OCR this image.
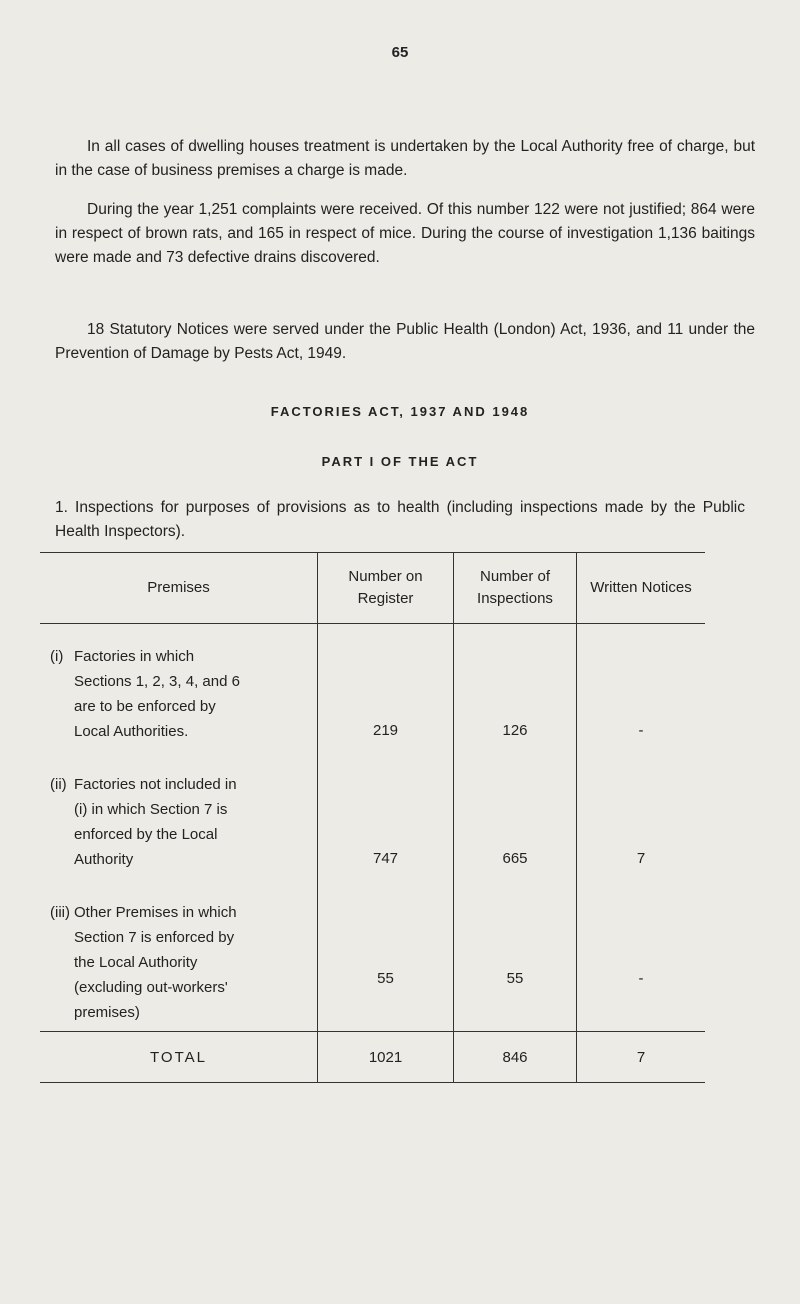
65

In all cases of dwelling houses treatment is undertaken by the Local Authority free of charge, but in the case of business premises a charge is made.

During the year 1,251 complaints were received. Of this number 122 were not justified; 864 were in respect of brown rats, and 165 in respect of mice. During the course of investigation 1,136 baitings were made and 73 defective drains discovered.

18 Statutory Notices were served under the Public Health (London) Act, 1936, and 11 under the Prevention of Damage by Pests Act, 1949.

FACTORIES ACT, 1937 AND 1948
PART I OF THE ACT

1. Inspections for purposes of provisions as to health (including inspections made by the Public Health Inspectors).

Premises	Number on Register	Number of Inspections	Written Notices
(i) Factories in which
Sections 1, 2, 3, 4, and 6
are to be enforced by
Local Authorities.	219	126	-
(ii) Factories not included in
(i) in which Section 7 is
enforced by the Local
Authority	747	665	7
(iii) Other Premises in which
Section 7 is enforced by
the Local Authority
(excluding out-workers'
premises)	55	55	-
TOTAL	1021	846	7
